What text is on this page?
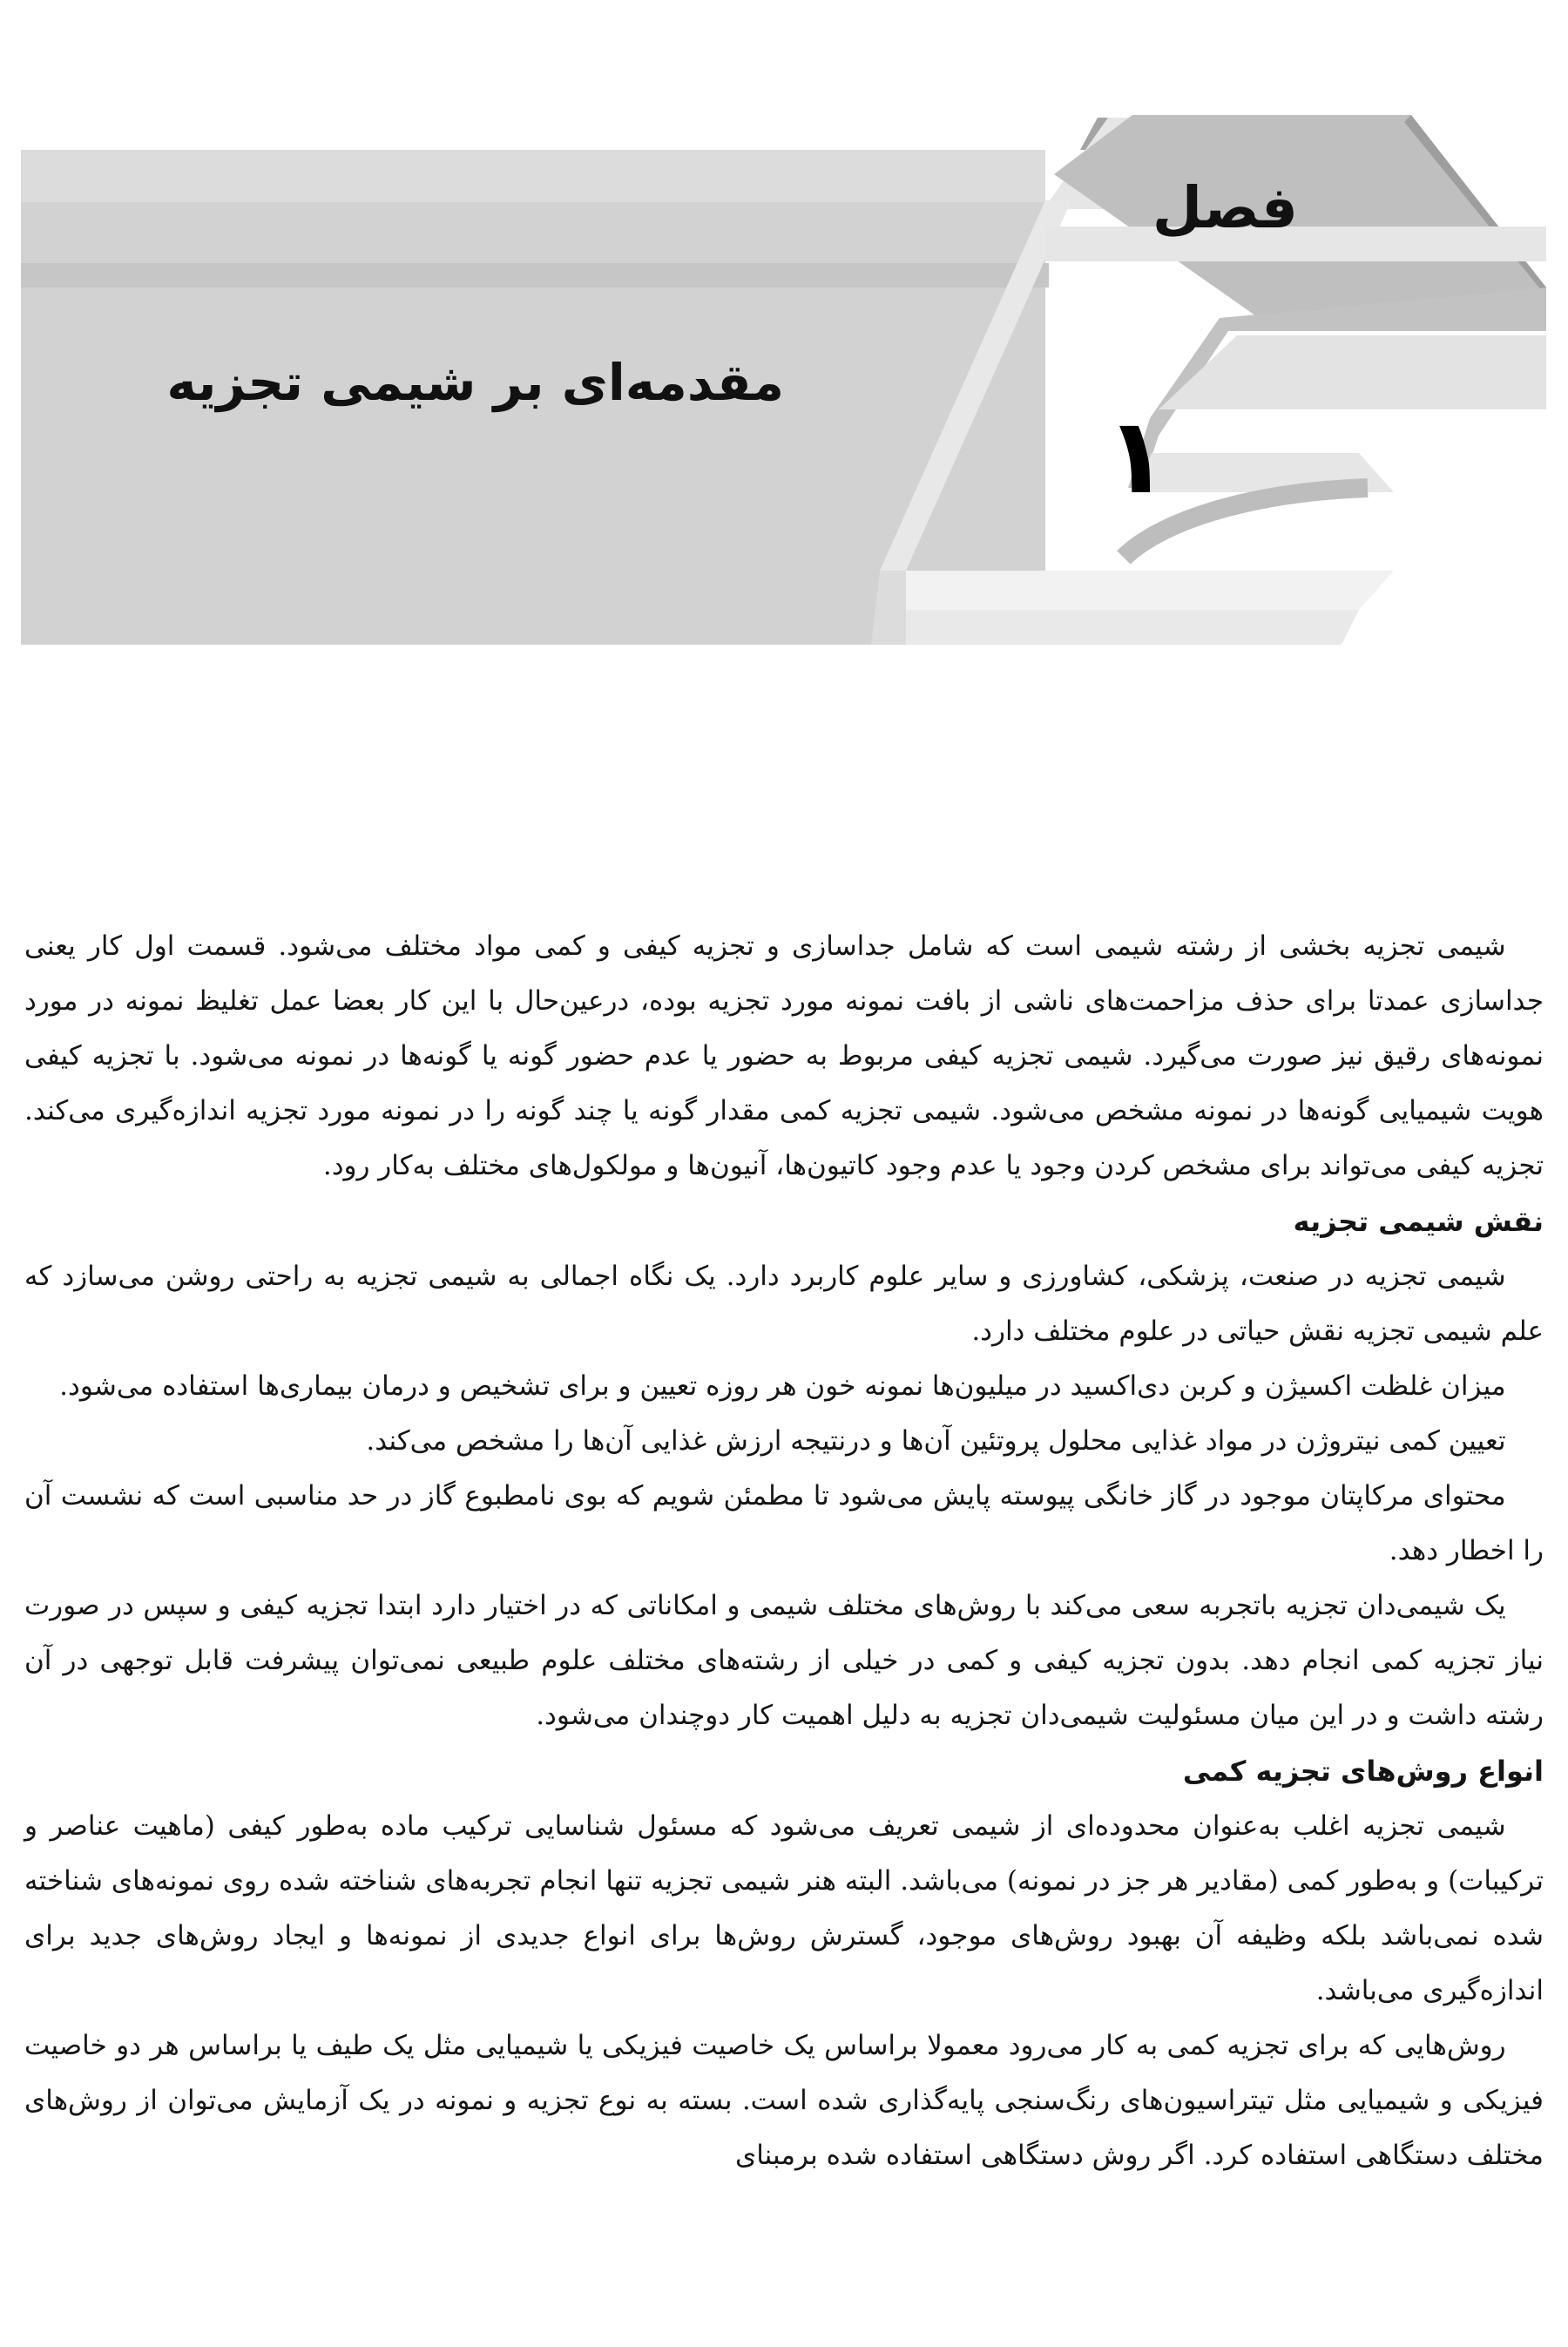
فصل
۱
مقدمه‌ای بر شیمی تجزیه

شیمی تجزیه بخشی از رشته شیمی است که شامل جداسازی و تجزیه کیفی و کمی مواد مختلف می‌شود. قسمت اول کار یعنی جداسازی عمدتا برای حذف مزاحمت‌های ناشی از بافت نمونه مورد تجزیه بوده، درعین‌حال با این کار بعضا عمل تغلیظ نمونه در مورد نمونه‌های رقیق نیز صورت می‌گیرد. شیمی تجزیه کیفی مربوط به حضور یا عدم حضور گونه یا گونه‌ها در نمونه می‌شود. با تجزیه کیفی هویت شیمیایی گونه‌ها در نمونه مشخص می‌شود. شیمی تجزیه کمی مقدار گونه یا چند گونه را در نمونه مورد تجزیه اندازه‌گیری می‌کند. تجزیه کیفی می‌تواند برای مشخص کردن وجود یا عدم وجود کاتیون‌ها، آنیون‌ها و مولکول‌های مختلف به‌کار رود.

نقش شیمی تجزیه

شیمی تجزیه در صنعت، پزشکی، کشاورزی و سایر علوم کاربرد دارد. یک نگاه اجمالی به شیمی تجزیه به راحتی روشن می‌سازد که علم شیمی تجزیه نقش حیاتی در علوم مختلف دارد.

میزان غلظت اکسیژن و کربن دی‌اکسید در میلیون‌ها نمونه خون هر روزه تعیین و برای تشخیص و درمان بیماری‌ها استفاده می‌شود.

تعیین کمی نیتروژن در مواد غذایی محلول پروتئین آن‌ها و درنتیجه ارزش غذایی آن‌ها را مشخص می‌کند.

محتوای مرکاپتان موجود در گاز خانگی پیوسته پایش می‌شود تا مطمئن شویم که بوی نامطبوع گاز در حد مناسبی است که نشست آن را اخطار دهد.

یک شیمی‌دان تجزیه باتجربه سعی می‌کند با روش‌های مختلف شیمی و امکاناتی که در اختیار دارد ابتدا تجزیه کیفی و سپس در صورت نیاز تجزیه کمی انجام دهد. بدون تجزیه کیفی و کمی در خیلی از رشته‌های مختلف علوم طبیعی نمی‌توان پیشرفت قابل توجهی در آن رشته داشت و در این میان مسئولیت شیمی‌دان تجزیه به دلیل اهمیت کار دوچندان می‌شود.

انواع روش‌های تجزیه کمی

شیمی تجزیه اغلب به‌عنوان محدوده‌ای از شیمی تعریف می‌شود که مسئول شناسایی ترکیب ماده به‌طور کیفی (ماهیت عناصر و ترکیبات) و به‌طور کمی (مقادیر هر جز در نمونه) می‌باشد. البته هنر شیمی تجزیه تنها انجام تجربه‌های شناخته شده روی نمونه‌های شناخته شده نمی‌باشد بلکه وظیفه آن بهبود روش‌های موجود، گسترش روش‌ها برای انواع جدیدی از نمونه‌ها و ایجاد روش‌های جدید برای اندازه‌گیری می‌باشد.

روش‌هایی که برای تجزیه کمی به کار می‌رود معمولا براساس یک خاصیت فیزیکی یا شیمیایی مثل یک طیف یا براساس هر دو خاصیت فیزیکی و شیمیایی مثل تیتراسیون‌های رنگ‌سنجی پایه‌گذاری شده است. بسته به نوع تجزیه و نمونه در یک آزمایش می‌توان از روش‌های مختلف دستگاهی استفاده کرد. اگر روش دستگاهی استفاده شده برمبنای
